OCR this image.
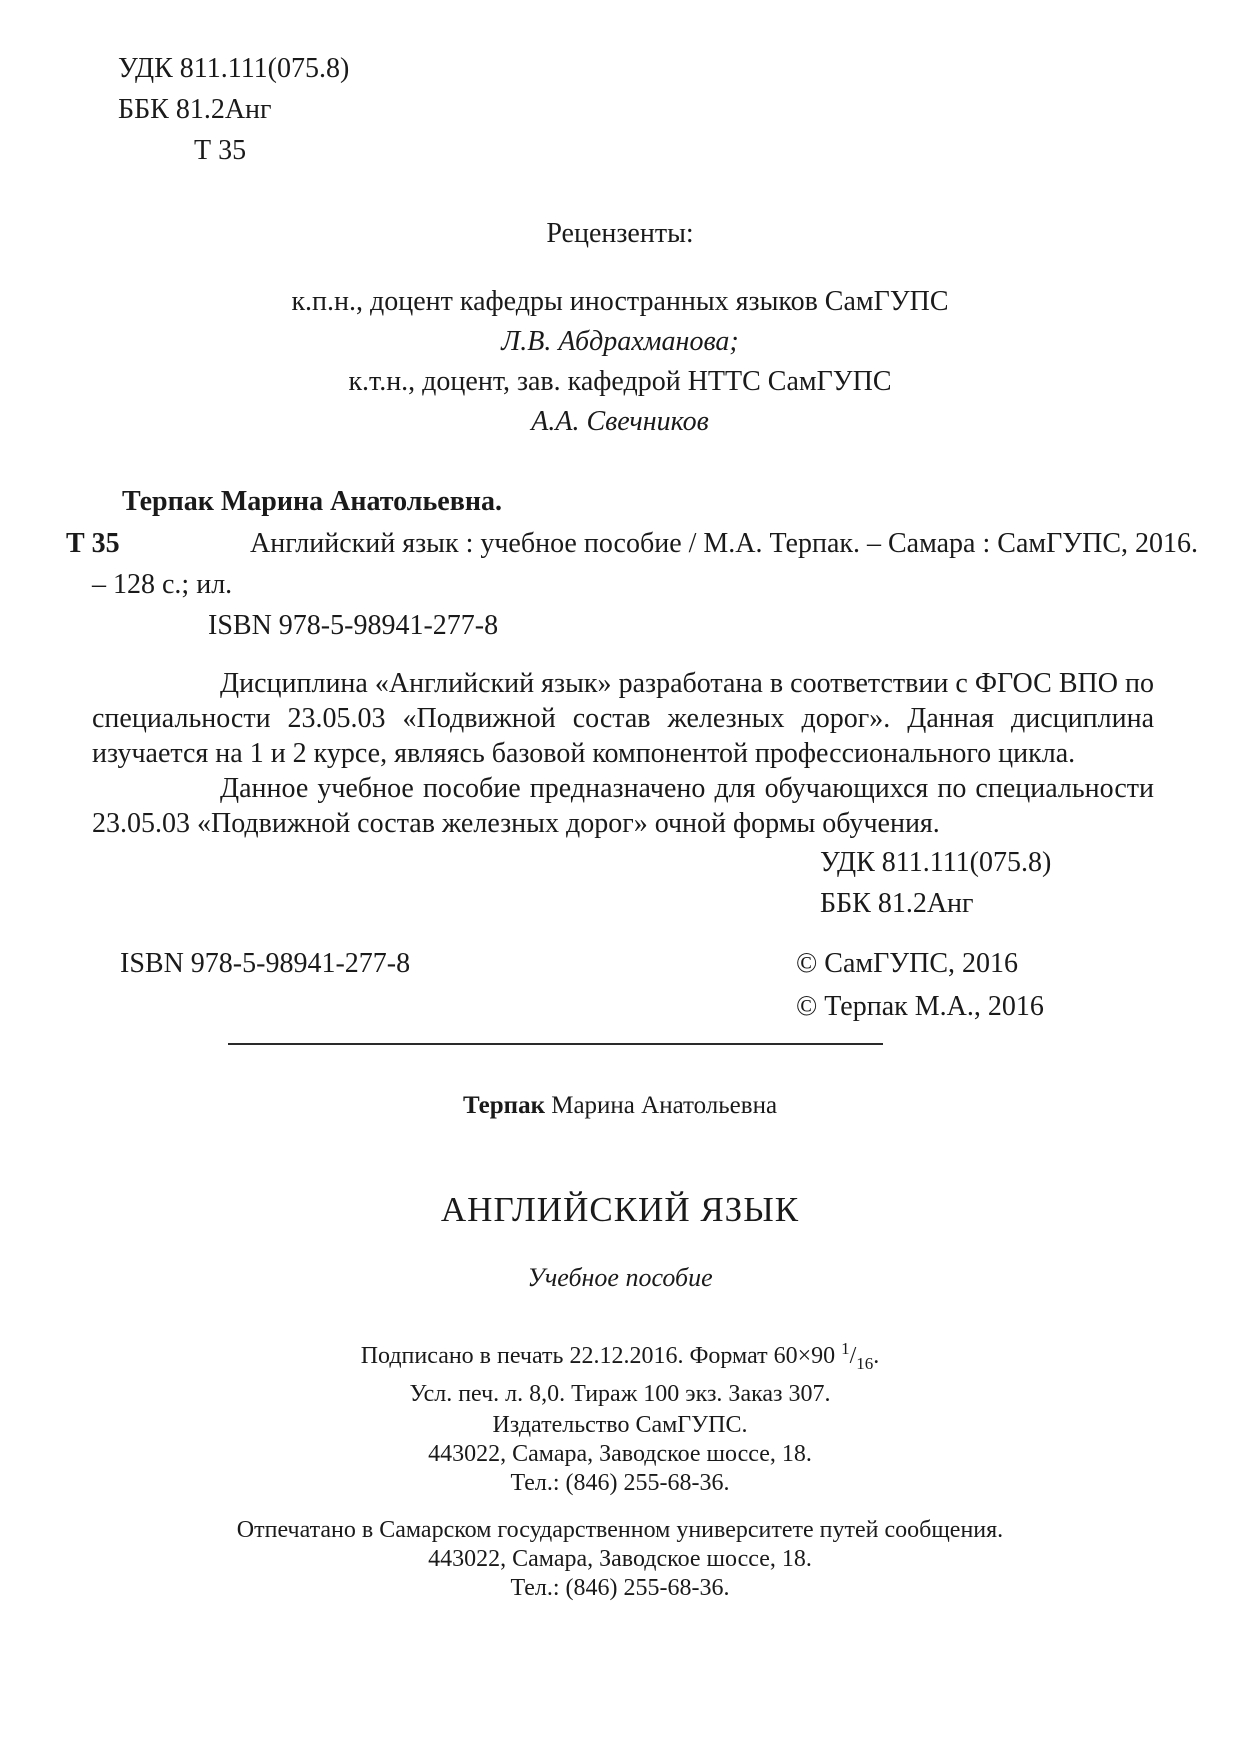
УДК 811.111(075.8)
ББК 81.2Анг
Т 35
Рецензенты:
к.п.н., доцент кафедры иностранных языков СамГУПС
Л.В. Абдрахманова;
к.т.н., доцент, зав. кафедрой НТТС СамГУПС
А.А. Свечников
Терпак Марина Анатольевна.
Т 35	Английский язык : учебное пособие / М.А. Терпак. – Самара : СамГУПС, 2016.
– 128 с.; ил.
ISBN 978-5-98941-277-8
Дисциплина «Английский язык» разработана в соответствии с ФГОС ВПО по специальности 23.05.03 «Подвижной состав железных дорог». Данная дисциплина изучается на 1 и 2 курсе, являясь базовой компонентой профессионального цикла.
Данное учебное пособие предназначено для обучающихся по специальности 23.05.03 «Подвижной состав железных дорог» очной формы обучения.
УДК 811.111(075.8)
ББК 81.2Анг
ISBN 978-5-98941-277-8	© СамГУПС, 2016
© Терпак М.А., 2016
Терпак Марина Анатольевна
АНГЛИЙСКИЙ ЯЗЫК
Учебное пособие
Подписано в печать 22.12.2016. Формат 60×90 $^1/_{16}$.
Усл. печ. л. 8,0. Тираж 100 экз. Заказ 307.
Издательство СамГУПС.
443022, Самара, Заводское шоссе, 18.
Тел.: (846) 255-68-36.
Отпечатано в Самарском государственном университете путей сообщения.
443022, Самара, Заводское шоссе, 18.
Тел.: (846) 255-68-36.
